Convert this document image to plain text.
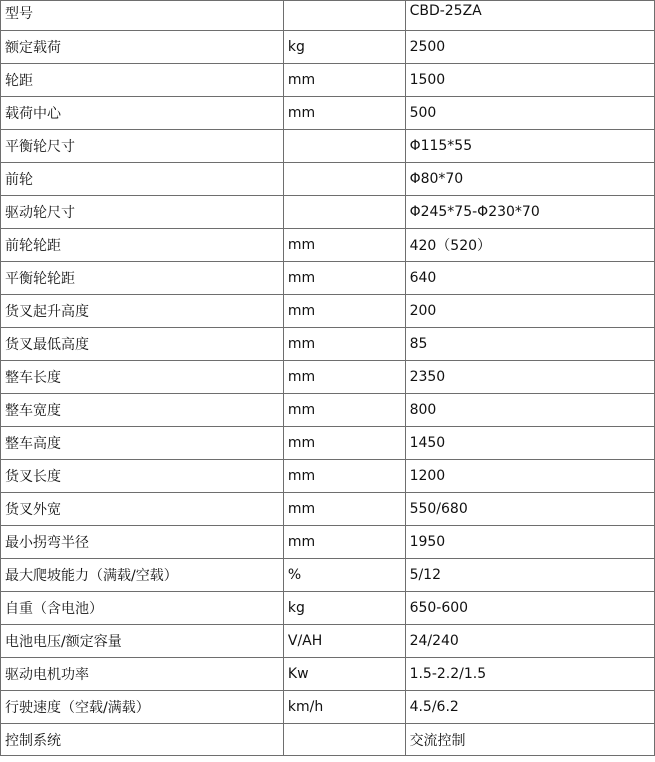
型号		CBD-25ZA
额定载荷	kg	2500
轮距	mm	1500
载荷中心	mm	500
平衡轮尺寸		Φ115*55
前轮		Φ80*70
驱动轮尺寸		Φ245*75-Φ230*70
前轮轮距	mm	420（520）
平衡轮轮距	mm	640
货叉起升高度	mm	200
货叉最低高度	mm	85
整车长度	mm	2350
整车宽度	mm	800
整车高度	mm	1450
货叉长度	mm	1200
货叉外宽	mm	550/680
最小拐弯半径	mm	1950
最大爬坡能力（满载/空载）	%	5/12
自重（含电池）	kg	650-600
电池电压/额定容量	V/AH	24/240
驱动电机功率	Kw	1.5-2.2/1.5
行驶速度（空载/满载）	km/h	4.5/6.2
控制系统		交流控制
